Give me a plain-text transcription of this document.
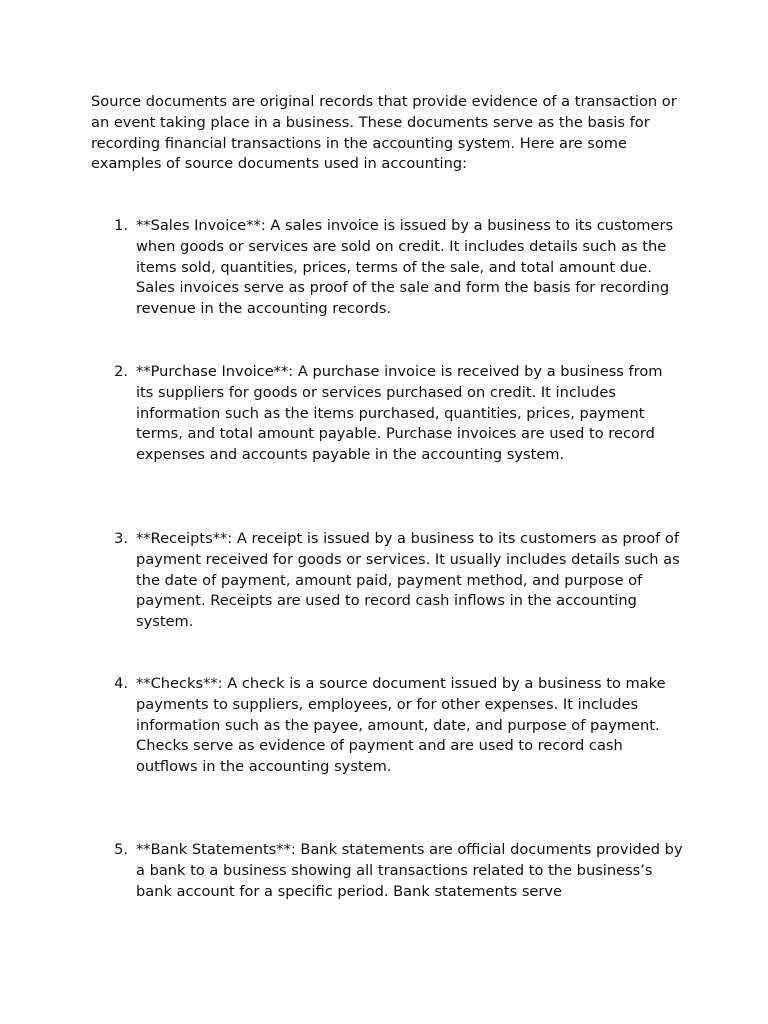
Source documents are original records that provide evidence of a transaction or an event taking place in a business. These documents serve as the basis for recording financial transactions in the accounting system. Here are some examples of source documents used in accounting:

1. **Sales Invoice**: A sales invoice is issued by a business to its customers when goods or services are sold on credit. It includes details such as the items sold, quantities, prices, terms of the sale, and total amount due. Sales invoices serve as proof of the sale and form the basis for recording revenue in the accounting records.

2. **Purchase Invoice**: A purchase invoice is received by a business from its suppliers for goods or services purchased on credit. It includes information such as the items purchased, quantities, prices, payment terms, and total amount payable. Purchase invoices are used to record expenses and accounts payable in the accounting system.

3. **Receipts**: A receipt is issued by a business to its customers as proof of payment received for goods or services. It usually includes details such as the date of payment, amount paid, payment method, and purpose of payment. Receipts are used to record cash inflows in the accounting system.

4. **Checks**: A check is a source document issued by a business to make payments to suppliers, employees, or for other expenses. It includes information such as the payee, amount, date, and purpose of payment. Checks serve as evidence of payment and are used to record cash outflows in the accounting system.

5. **Bank Statements**: Bank statements are official documents provided by a bank to a business showing all transactions related to the business’s bank account for a specific period. Bank statements serve
